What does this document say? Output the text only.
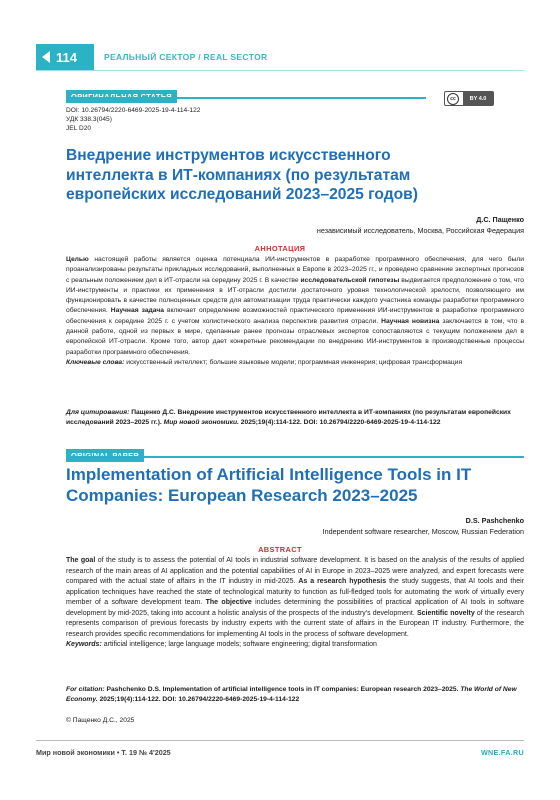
114	РЕАЛЬНЫЙ СЕКТОР / REAL SECTOR
cc	BY 4.0
DOI: 10.26794/2220-6469-2025-19-4-114-122
УДК 338.3(045)
JEL D20
Внедрение инструментов искусственного интеллекта в ИТ-компаниях (по результатам европейских исследований 2023–2025 годов)
Д.С. Пащенко
независимый исследователь, Москва, Российская Федерация
АННОТАЦИЯ
Целью настоящей работы является оценка потенциала ИИ-инструментов в разработке программного обеспечения, для чего были проанализированы результаты прикладных исследований, выполненных в Европе в 2023–2025 гг., и проведено сравнение экспертных прогнозов с реальным положением дел в ИТ-отрасли на середину 2025 г. В качестве исследовательской гипотезы выдвигается предположение о том, что ИИ-инструменты и практики их применения в ИТ-отрасли достигли достаточного уровня технологической зрелости, позволяющего им функционировать в качестве полноценных средств для автоматизации труда практически каждого участника команды разработки программного обеспечения. Научная задача включает определение возможностей практического применения ИИ-инструментов в разработке программного обеспечения к середине 2025 г. с учетом холистического анализа перспектив развития отрасли. Научная новизна заключается в том, что в данной работе, одной из первых в мире, сделанные ранее прогнозы отраслевых экспертов сопоставляются с текущим положением дел в европейской ИТ-отрасли. Кроме того, автор дает конкретные рекомендации по внедрению ИИ-инструментов в производственные процессы разработки программного обеспечения.
Ключевые слова: искусственный интеллект; большие языковые модели; программная инженерия; цифровая трансформация
Для цитирования: Пащенко Д.С. Внедрение инструментов искусственного интеллекта в ИТ-компаниях (по результатам европейских исследований 2023–2025 гг.). Мир новой экономики. 2025;19(4):114-122. DOI: 10.26794/2220-6469-2025-19-4-114-122
Implementation of Artificial Intelligence Tools in IT Companies: European Research 2023–2025
D.S. Pashchenko
Independent software researcher, Moscow, Russian Federation
ABSTRACT
The goal of the study is to assess the potential of AI tools in industrial software development. It is based on the analysis of the results of applied research of the main areas of AI application and the potential capabilities of AI in Europe in 2023–2025 were analyzed, and expert forecasts were compared with the actual state of affairs in the IT industry in mid-2025. As a research hypothesis the study suggests, that AI tools and their application techniques have reached the state of technological maturity to function as full-fledged tools for automating the work of virtually every member of a software development team. The objective includes determining the possibilities of practical application of AI tools in software development by mid-2025, taking into account a holistic analysis of the prospects of the industry's development. Scientific novelty of the research represents comparison of previous forecasts by industry experts with the current state of affairs in the European IT industry. Furthermore, the research provides specific recommendations for implementing AI tools in the process of software development.
Keywords: artificial intelligence; large language models; software engineering; digital transformation
For citation: Pashchenko D.S. Implementation of artificial intelligence tools in IT companies: European research 2023–2025. The World of New Economy. 2025;19(4):114-122. DOI: 10.26794/2220-6469-2025-19-4-114-122
© Пащенко Д.С., 2025
Мир новой экономики • Т. 19 № 4'2025	WNE.FA.RU
